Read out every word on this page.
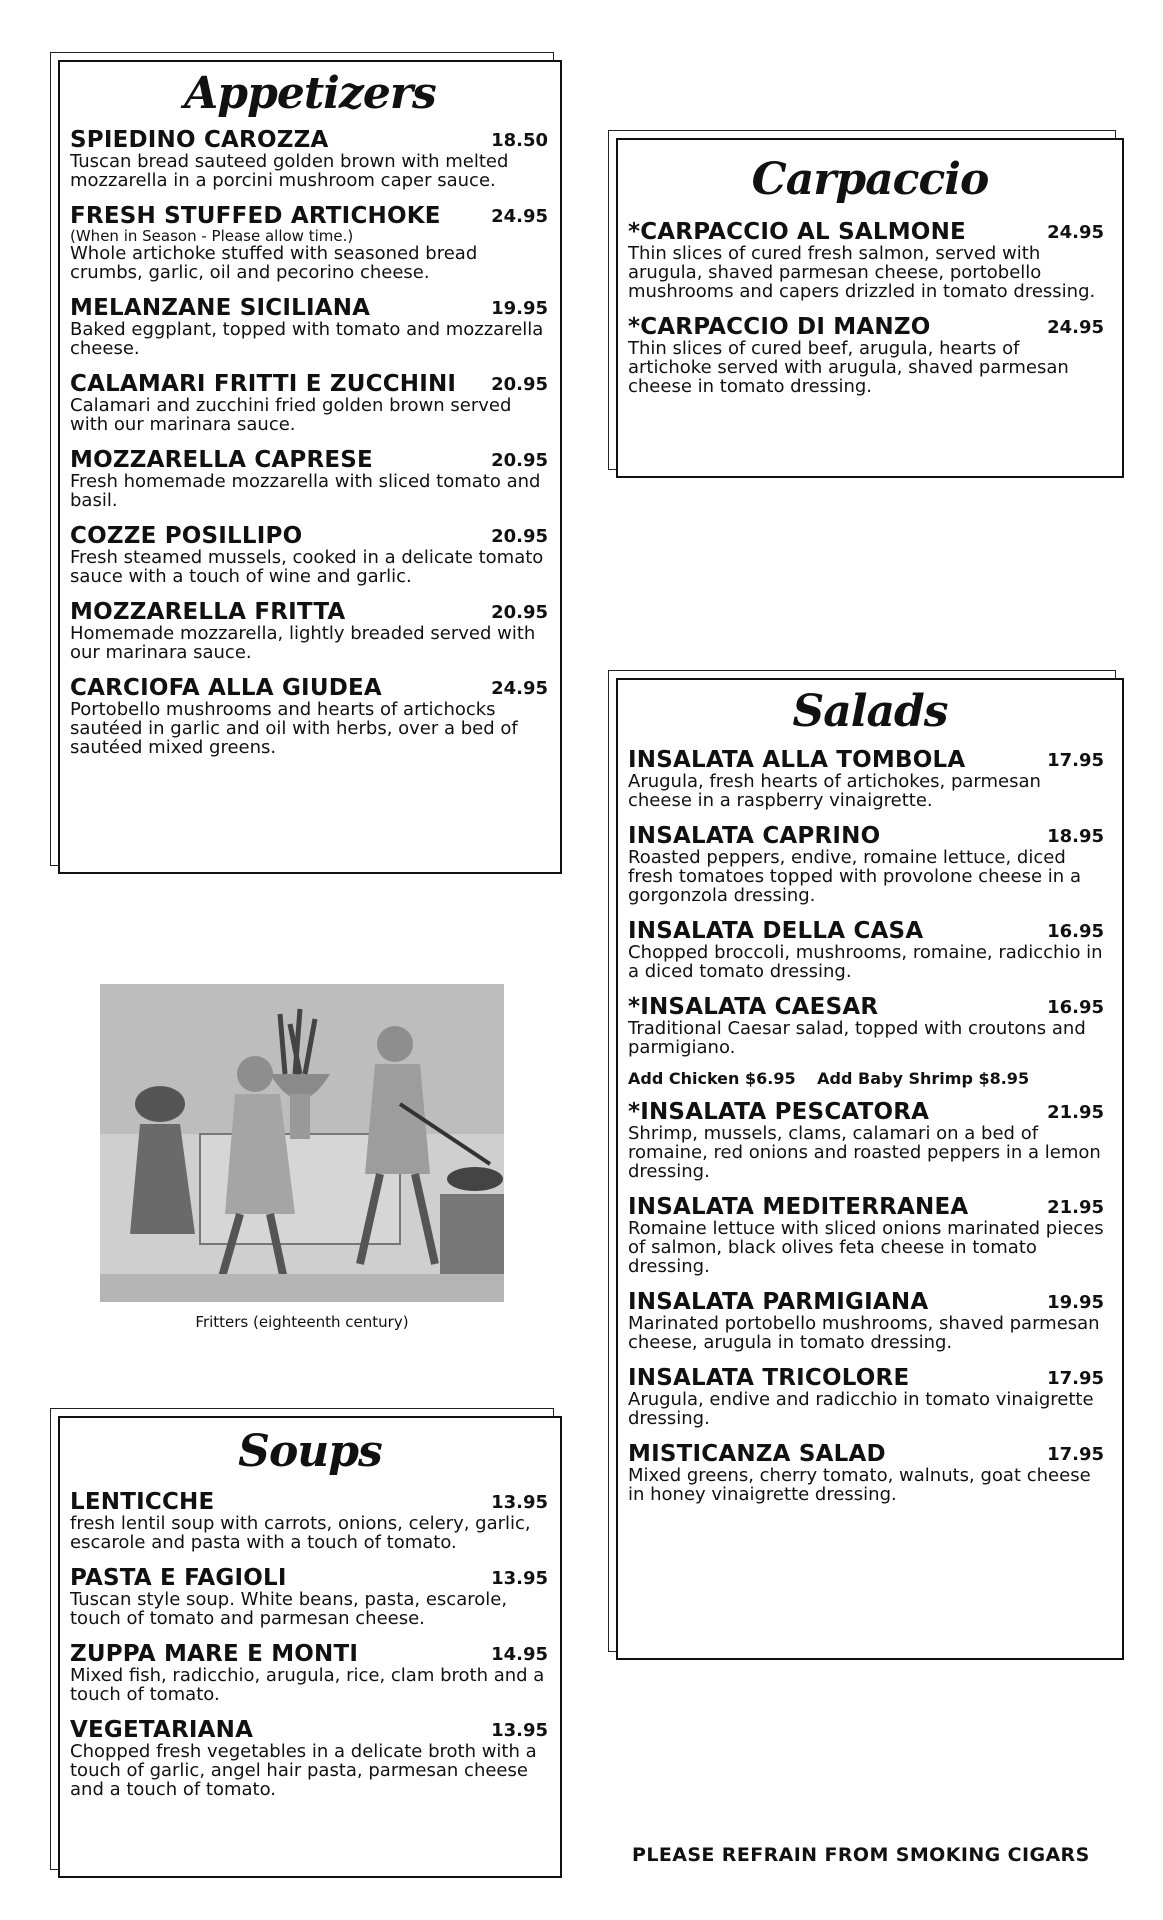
Appetizers
SPIEDINO CAROZZA	18.50
Tuscan bread sauteed golden brown with melted mozzarella in a porcini mushroom caper sauce.
FRESH STUFFED ARTICHOKE	24.95
(When in Season - Please allow time.)
Whole artichoke stuffed with seasoned bread crumbs, garlic, oil and pecorino cheese.
MELANZANE SICILIANA	19.95
Baked eggplant, topped with tomato and mozzarella cheese.
CALAMARI FRITTI E ZUCCHINI	20.95
Calamari and zucchini fried golden brown served with our marinara sauce.
MOZZARELLA CAPRESE	20.95
Fresh homemade mozzarella with sliced tomato and basil.
COZZE POSILLIPO	20.95
Fresh steamed mussels, cooked in a delicate tomato sauce with a touch of wine and garlic.
MOZZARELLA FRITTA	20.95
Homemade mozzarella, lightly breaded served with our marinara sauce.
CARCIOFA ALLA GIUDEA	24.95
Portobello mushrooms and hearts of artichocks sautéed in garlic and oil with herbs, over a bed of sautéed mixed greens.
Carpaccio
*CARPACCIO AL SALMONE	24.95
Thin slices of cured fresh salmon, served with arugula, shaved parmesan cheese, portobello mushrooms and capers drizzled in tomato dressing.
*CARPACCIO DI MANZO	24.95
Thin slices of cured beef, arugula, hearts of artichoke served with arugula, shaved parmesan cheese in tomato dressing.
Salads
INSALATA ALLA TOMBOLA	17.95
Arugula, fresh hearts of artichokes, parmesan cheese in a raspberry vinaigrette.
INSALATA CAPRINO	18.95
Roasted peppers, endive, romaine lettuce, diced fresh tomatoes topped with provolone cheese in a gorgonzola dressing.
INSALATA DELLA CASA	16.95
Chopped broccoli, mushrooms, romaine, radicchio in a diced tomato dressing.
*INSALATA CAESAR	16.95
Traditional Caesar salad, topped with croutons and parmigiano.
Add Chicken $6.95 Add Baby Shrimp $8.95
*INSALATA PESCATORA	21.95
Shrimp, mussels, clams, calamari on a bed of romaine, red onions and roasted peppers in a lemon dressing.
INSALATA MEDITERRANEA	21.95
Romaine lettuce with sliced onions marinated pieces of salmon, black olives feta cheese in tomato dressing.
INSALATA PARMIGIANA	19.95
Marinated portobello mushrooms, shaved parmesan cheese, arugula in tomato dressing.
INSALATA TRICOLORE	17.95
Arugula, endive and radicchio in tomato vinaigrette dressing.
MISTICANZA SALAD	17.95
Mixed greens, cherry tomato, walnuts, goat cheese in honey vinaigrette dressing.
Fritters (eighteenth century)
Soups
LENTICCHE	13.95
fresh lentil soup with carrots, onions, celery, garlic, escarole and pasta with a touch of tomato.
PASTA E FAGIOLI	13.95
Tuscan style soup. White beans, pasta, escarole, touch of tomato and parmesan cheese.
ZUPPA MARE E MONTI	14.95
Mixed fish, radicchio, arugula, rice, clam broth and a touch of tomato.
VEGETARIANA	13.95
Chopped fresh vegetables in a delicate broth with a touch of garlic, angel hair pasta, parmesan cheese and a touch of tomato.
PLEASE REFRAIN FROM SMOKING CIGARS
